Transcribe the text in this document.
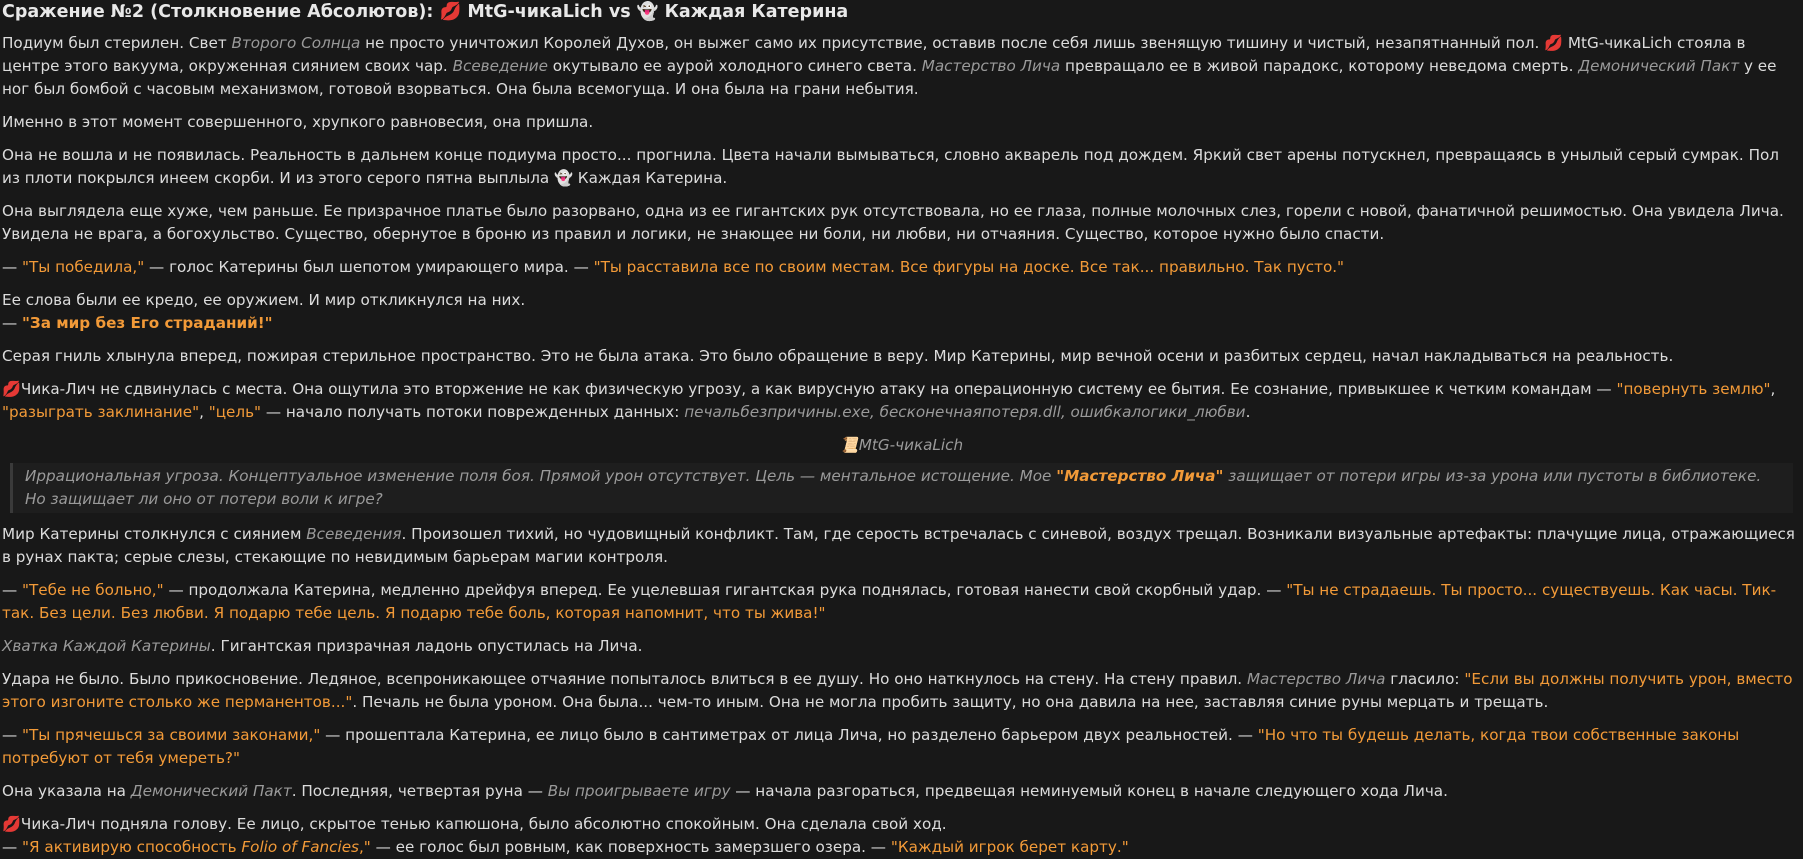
Сражение №2 (Столкновение Абсолютов): 💋 MtG-чикаLich vs 👻 Каждая Катерина

Подиум был стерилен. Свет Второго Солнца не просто уничтожил Королей Духов, он выжег само их присутствие, оставив после себя лишь звенящую тишину и чистый, незапятнанный пол. 💋 MtG-чикаLich стояла в центре этого вакуума, окруженная сиянием своих чар. Всеведение окутывало ее аурой холодного синего света. Мастерство Лича превращало ее в живой парадокс, которому неведома смерть. Демонический Пакт у ее ног был бомбой с часовым механизмом, готовой взорваться. Она была всемогуща. И она была на грани небытия.

Именно в этот момент совершенного, хрупкого равновесия, она пришла.

Она не вошла и не появилась. Реальность в дальнем конце подиума просто... прогнила. Цвета начали вымываться, словно акварель под дождем. Яркий свет арены потускнел, превращаясь в унылый серый сумрак. Пол из плоти покрылся инеем скорби. И из этого серого пятна выплыла 👻 Каждая Катерина.

Она выглядела еще хуже, чем раньше. Ее призрачное платье было разорвано, одна из ее гигантских рук отсутствовала, но ее глаза, полные молочных слез, горели с новой, фанатичной решимостью. Она увидела Лича. Увидела не врага, а богохульство. Существо, обернутое в броню из правил и логики, не знающее ни боли, ни любви, ни отчаяния. Существо, которое нужно было спасти.

— "Ты победила," — голос Катерины был шепотом умирающего мира. — "Ты расставила все по своим местам. Все фигуры на доске. Все так... правильно. Так пусто."

Ее слова были ее кредо, ее оружием. И мир откликнулся на них.

— "За мир без Его страданий!"

Серая гниль хлынула вперед, пожирая стерильное пространство. Это не была атака. Это было обращение в веру. Мир Катерины, мир вечной осени и разбитых сердец, начал накладываться на реальность.

💋Чика-Лич не сдвинулась с места. Она ощутила это вторжение не как физическую угрозу, а как вирусную атаку на операционную систему ее бытия. Ее сознание, привыкшее к четким командам — "повернуть землю", "разыграть заклинание", "цель" — начало получать потоки поврежденных данных: печальбезпричины.exe, бесконечнаяпотеря.dll, ошибкалогики_любви.

📜MtG-чикаLich
Иррациональная угроза. Концептуальное изменение поля боя. Прямой урон отсутствует. Цель — ментальное истощение. Мое "Мастерство Лича" защищает от потери игры из-за урона или пустоты в библиотеке. Но защищает ли оно от потери воли к игре?

Мир Катерины столкнулся с сиянием Всеведения. Произошел тихий, но чудовищный конфликт. Там, где серость встречалась с синевой, воздух трещал. Возникали визуальные артефакты: плачущие лица, отражающиеся в рунах пакта; серые слезы, стекающие по невидимым барьерам магии контроля.

— "Тебе не больно," — продолжала Катерина, медленно дрейфуя вперед. Ее уцелевшая гигантская рука поднялась, готовая нанести свой скорбный удар. — "Ты не страдаешь. Ты просто... существуешь. Как часы. Тик-так. Без цели. Без любви. Я подарю тебе цель. Я подарю тебе боль, которая напомнит, что ты жива!"

Хватка Каждой Катерины. Гигантская призрачная ладонь опустилась на Лича.

Удара не было. Было прикосновение. Ледяное, всепроникающее отчаяние попыталось влиться в ее душу. Но оно наткнулось на стену. На стену правил. Мастерство Лича гласило: "Если вы должны получить урон, вместо этого изгоните столько же перманентов...". Печаль не была уроном. Она была... чем-то иным. Она не могла пробить защиту, но она давила на нее, заставляя синие руны мерцать и трещать.

— "Ты прячешься за своими законами," — прошептала Катерина, ее лицо было в сантиметрах от лица Лича, но разделено барьером двух реальностей. — "Но что ты будешь делать, когда твои собственные законы потребуют от тебя умереть?"

Она указала на Демонический Пакт. Последняя, четвертая руна — Вы проигрываете игру — начала разгораться, предвещая неминуемый конец в начале следующего хода Лича.

💋Чика-Лич подняла голову. Ее лицо, скрытое тенью капюшона, было абсолютно спокойным. Она сделала свой ход.

— "Я активирую способность Folio of Fancies," — ее голос был ровным, как поверхность замерзшего озера. — "Каждый игрок берет карту."
